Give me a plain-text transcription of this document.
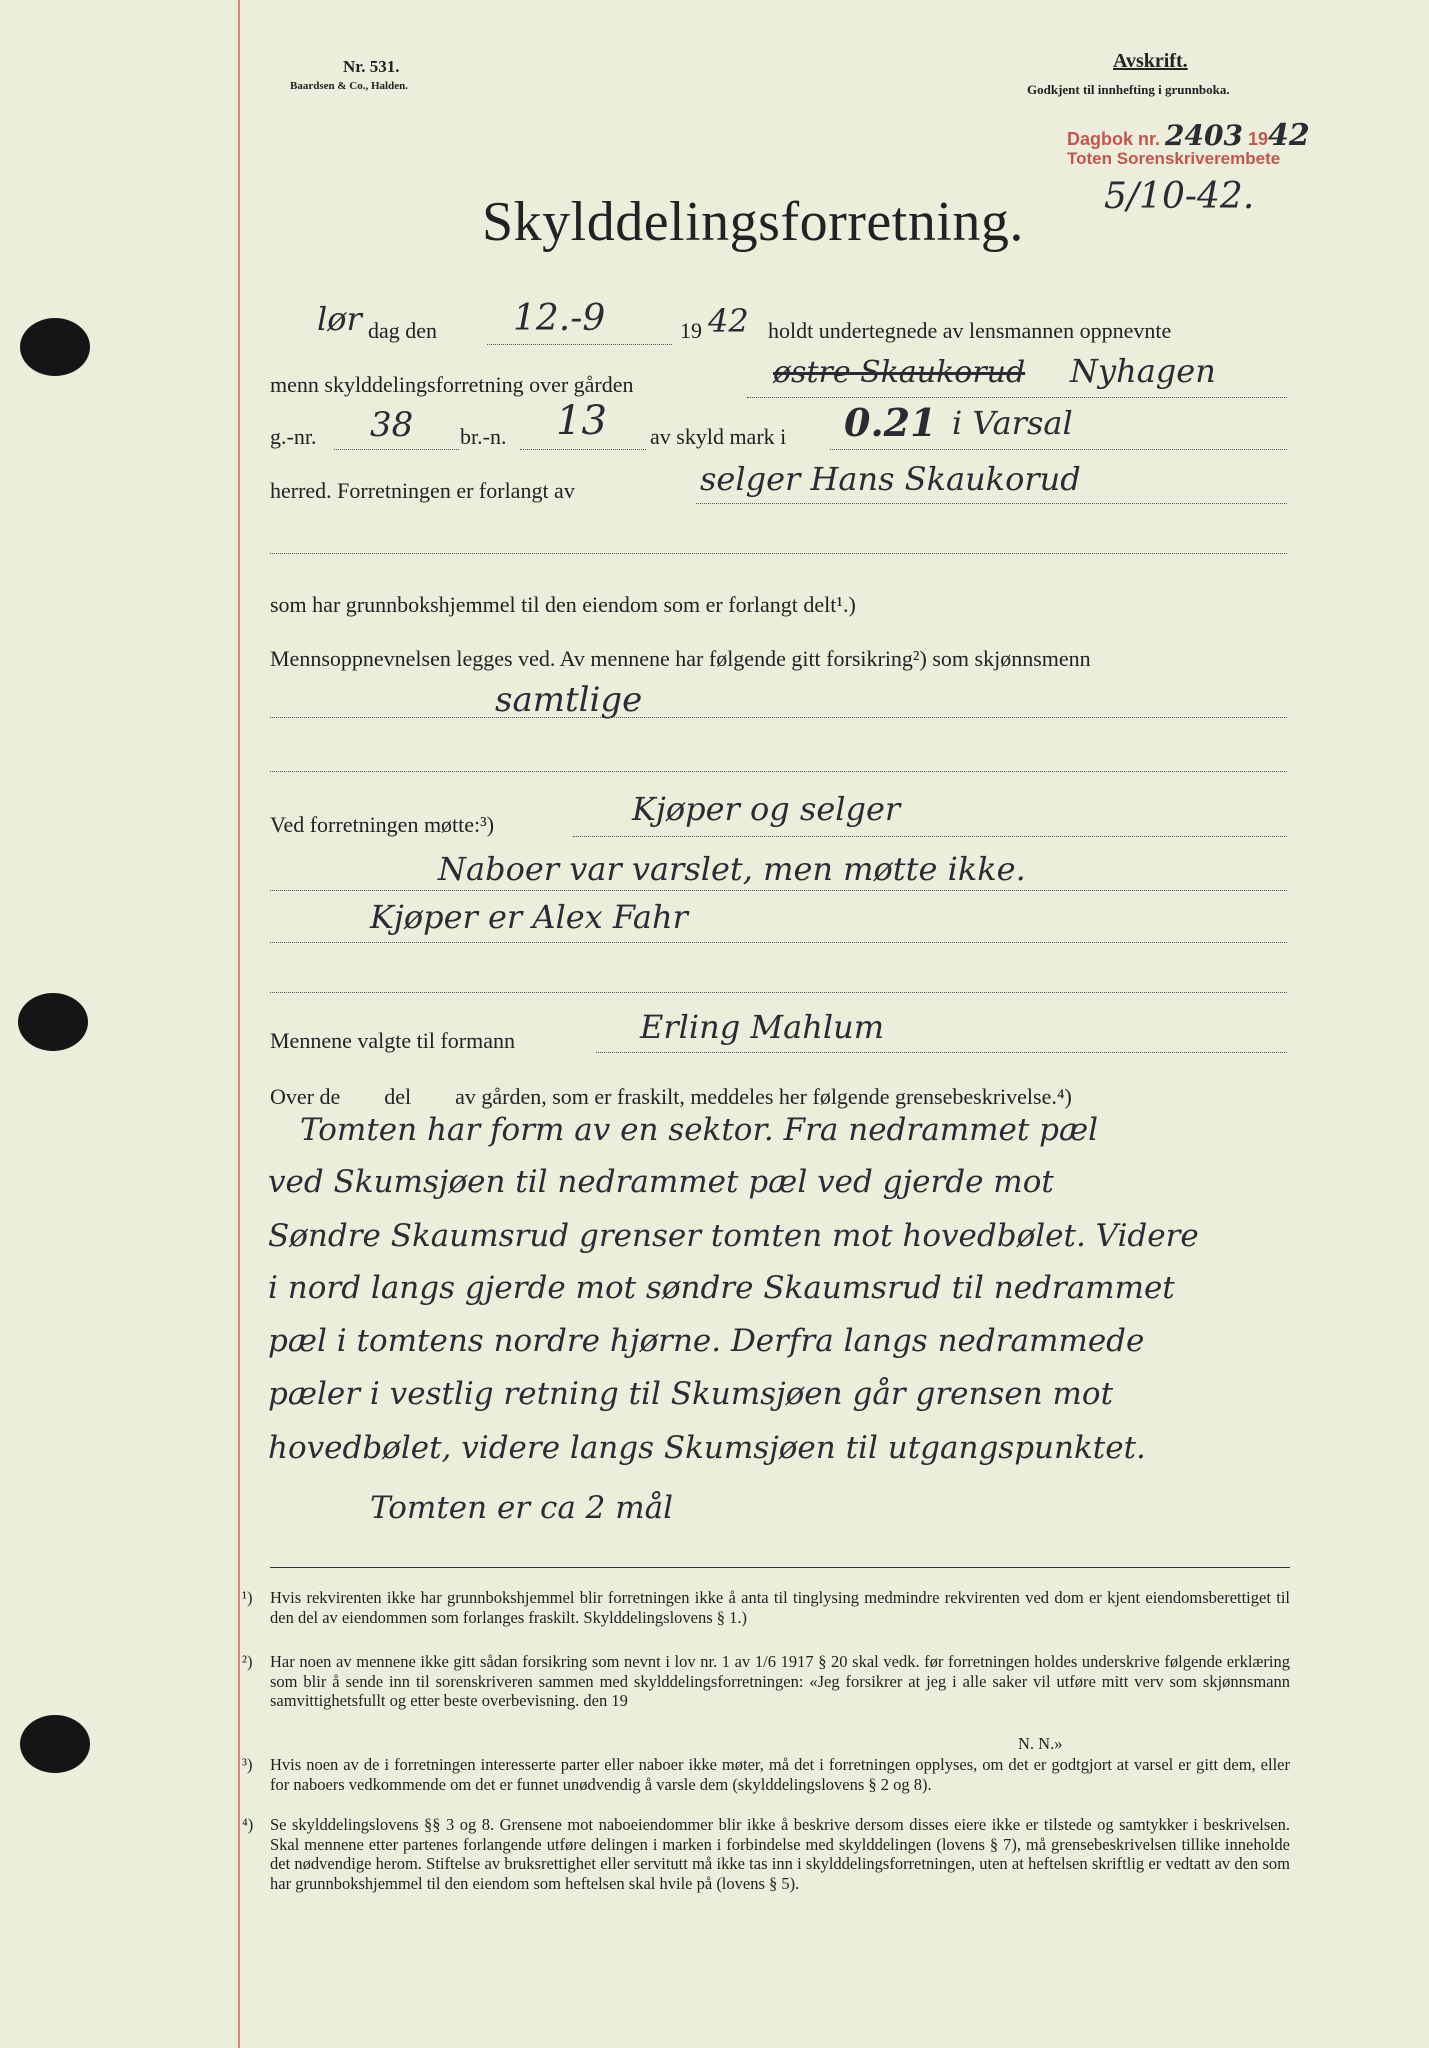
Nr. 531.
Baardsen & Co., Halden.
Avskrift.
Godkjent til innhefting i grunnboka.
Dagbok nr. 2403 1942
Toten Sorenskriverembete
5/10-42.
Skylddelingsforretning.
lør dag den 12.-9	19 42 holdt undertegnede av lensmannen oppnevnte
menn skylddelingsforretning over gården	østre Skaukorud Nyhagen
g.-nr. 38 br.-n. 13 av skyld mark i 0.21 i Varsal
herred. Forretningen er forlangt av	selger Hans Skaukorud
som har grunnbokshjemmel til den eiendom som er forlangt delt¹.)
Mennsoppnevnelsen legges ved. Av mennene har følgende gitt forsikring²) som skjønnsmenn
samtlige
Ved forretningen møtte:³)	Kjøper og selger
Naboer var varslet, men møtte ikke.
Kjøper er Alex Fahr
Mennene valgte til formann	Erling Mahlum
Over de        del        av gården, som er fraskilt, meddeles her følgende grensebeskrivelse.⁴)
Tomten har form av en sektor. Fra nedrammet pæl
ved Skumsjøen til nedrammet pæl ved gjerde mot
Søndre Skaumsrud grenser tomten mot hovedbølet. Videre
i nord langs gjerde mot søndre Skaumsrud til nedrammet
pæl i tomtens nordre hjørne. Derfra langs nedrammede
pæler i vestlig retning til Skumsjøen går grensen mot
hovedbølet, videre langs Skumsjøen til utgangspunktet.
Tomten er ca 2 mål
¹) Hvis rekvirenten ikke har grunnbokshjemmel blir forretningen ikke å anta til tinglysing medmindre rekvirenten ved dom er kjent eiendomsberettiget til den del av eiendommen som forlanges fraskilt. Skylddelingslovens § 1.)
²) Har noen av mennene ikke gitt sådan forsikring som nevnt i lov nr. 1 av 1/6 1917 § 20 skal vedk. før forretningen holdes underskrive følgende erklæring som blir å sende inn til sorenskriveren sammen med skylddelingsforretningen: «Jeg forsikrer at jeg i alle saker vil utføre mitt verv som skjønnsmann samvittighetsfullt og etter beste overbevisning. den 19
N. N.»
³) Hvis noen av de i forretningen interesserte parter eller naboer ikke møter, må det i forretningen opplyses, om det er godtgjort at varsel er gitt dem, eller for naboers vedkommende om det er funnet unødvendig å varsle dem (skylddelingslovens § 2 og 8).
⁴) Se skylddelingslovens §§ 3 og 8. Grensene mot naboeiendommer blir ikke å beskrive dersom disses eiere ikke er tilstede og samtykker i beskrivelsen. Skal mennene etter partenes forlangende utføre delingen i marken i forbindelse med skylddelingen (lovens § 7), må grensebeskrivelsen tillike inneholde det nødvendige herom. Stiftelse av bruksrettighet eller servitutt må ikke tas inn i skylddelingsforretningen, uten at heftelsen skriftlig er vedtatt av den som har grunnbokshjemmel til den eiendom som heftelsen skal hvile på (lovens § 5).
